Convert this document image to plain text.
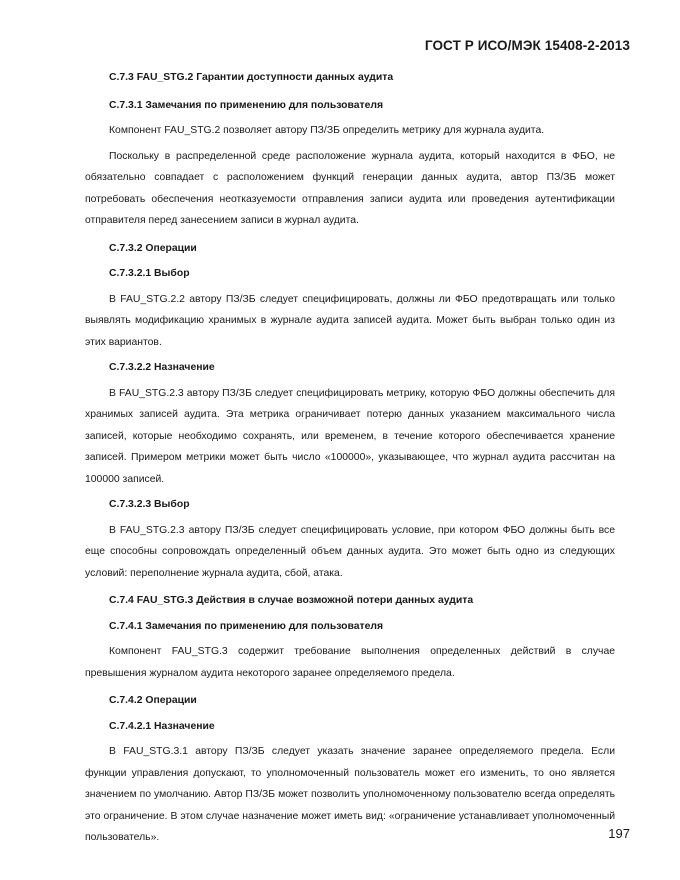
ГОСТ Р ИСО/МЭК 15408-2-2013
C.7.3 FAU_STG.2 Гарантии доступности данных аудита
C.7.3.1 Замечания по применению для пользователя
Компонент FAU_STG.2 позволяет автору ПЗ/ЗБ определить метрику для журнала аудита.
Поскольку в распределенной среде расположение журнала аудита, который находится в ФБО, не обязательно совпадает с расположением функций генерации данных аудита, автор ПЗ/ЗБ может потребовать обеспечения неотказуемости отправления записи аудита или проведения аутентификации отправителя перед занесением записи в журнал аудита.
C.7.3.2 Операции
C.7.3.2.1 Выбор
В FAU_STG.2.2 автору ПЗ/ЗБ следует специфицировать, должны ли ФБО предотвращать или только выявлять модификацию хранимых в журнале аудита записей аудита. Может быть выбран только один из этих вариантов.
C.7.3.2.2 Назначение
В FAU_STG.2.3 автору ПЗ/ЗБ следует специфицировать метрику, которую ФБО должны обеспечить для хранимых записей аудита. Эта метрика ограничивает потерю данных указанием максимального числа записей, которые необходимо сохранять, или временем, в течение которого обеспечивается хранение записей. Примером метрики может быть число «100000», указывающее, что журнал аудита рассчитан на 100000 записей.
C.7.3.2.3 Выбор
В FAU_STG.2.3 автору ПЗ/ЗБ следует специфицировать условие, при котором ФБО должны быть все еще способны сопровождать определенный объем данных аудита. Это может быть одно из следующих условий: переполнение журнала аудита, сбой, атака.
C.7.4 FAU_STG.3 Действия в случае возможной потери данных аудита
C.7.4.1 Замечания по применению для пользователя
Компонент FAU_STG.3 содержит требование выполнения определенных действий в случае превышения журналом аудита некоторого заранее определяемого предела.
C.7.4.2 Операции
C.7.4.2.1 Назначение
В FAU_STG.3.1 автору ПЗ/ЗБ следует указать значение заранее определяемого предела. Если функции управления допускают, то уполномоченный пользователь может его изменить, то оно является значением по умолчанию. Автор ПЗ/ЗБ может позволить уполномоченному пользователю всегда определять это ограничение. В этом случае назначение может иметь вид: «ограничение устанавливает уполномоченный пользователь».	197
